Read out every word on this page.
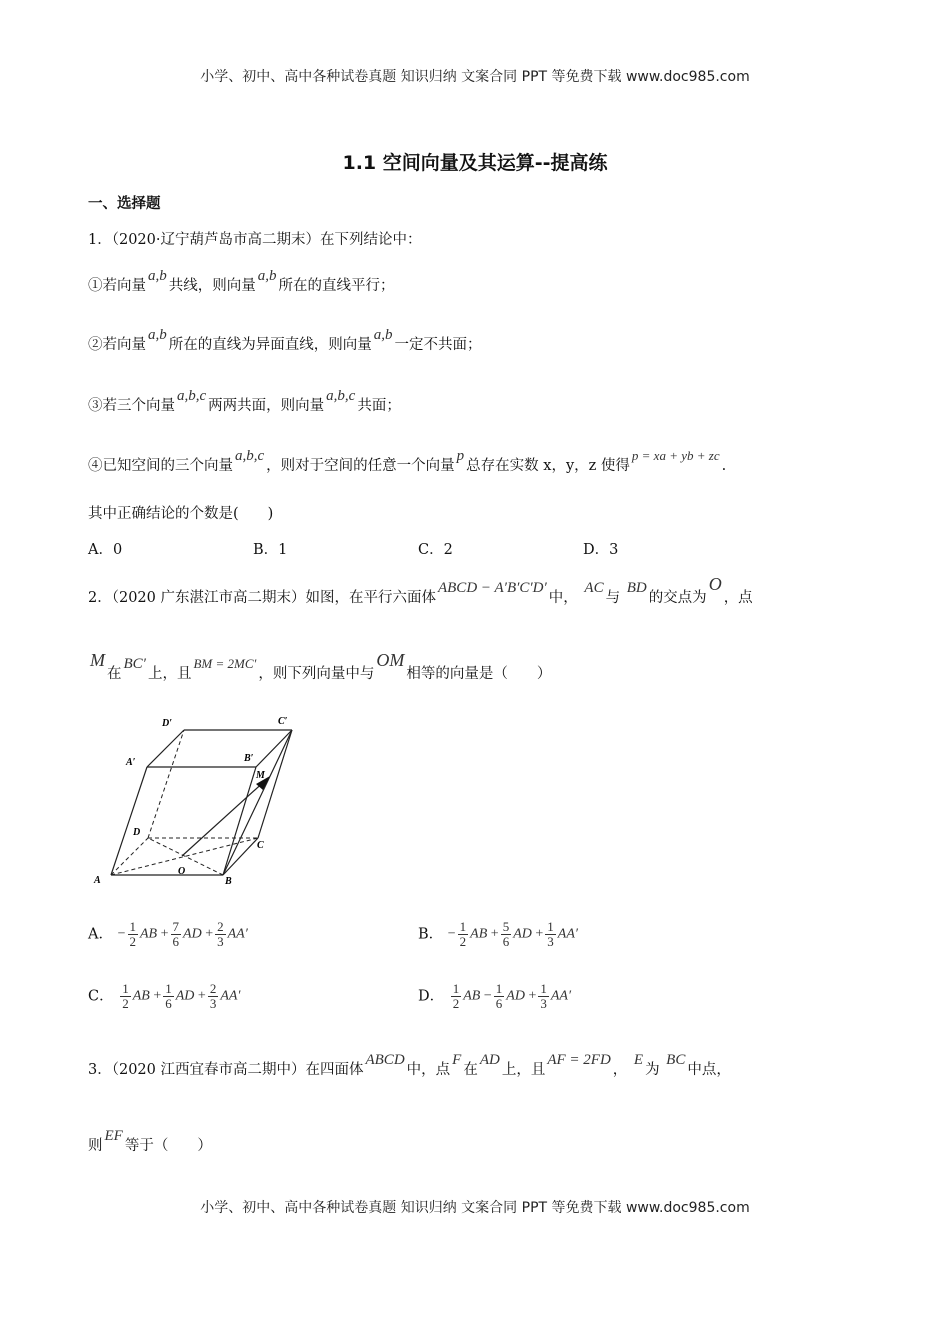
小学、初中、高中各种试卷真题 知识归纳 文案合同 PPT 等免费下载 www.doc985.com
1.1 空间向量及其运算--提高练
一、选择题
1．（2020·辽宁葫芦岛市高二期末）在下列结论中：
①若向量a,b共线，则向量a,b所在的直线平行；
②若向量a,b所在的直线为异面直线，则向量a,b一定不共面；
③若三个向量a,b,c两两共面，则向量a,b,c共面；
④已知空间的三个向量a,b,c，则对于空间的任意一个向量p总存在实数 x，y，z 使得p = xa + yb + zc.
其中正确结论的个数是(　　)
A．0	B．1	C．2	D．3
2．（2020 广东湛江市高二期末）如图，在平行六面体ABCD − A′B′C′D′中， AC与 BD的交点为O，点
M在BC′上，且BM = 2MC′，则下列向量中与OM相等的向量是（　　）
D′	C′
A′	B′
M
D
C
A
O
B
A． − $\frac{1}{2}$ AB + $\frac{7}{6}$ AD + $\frac{2}{3} AA'$	B． − $\frac{1}{2}$ AB + $\frac{5}{6}$ AD + $\frac{1}{3} AA'$
C． $\frac{1}{2}$ AB + $\frac{1}{6}$ AD + $\frac{2}{3} AA'$	D． $\frac{1}{2}$ AB − $\frac{1}{6}$ AD + $\frac{1}{3} AA'$
3．（2020 江西宜春市高二期中）在四面体ABCD中，点F在AD上，且AF = 2FD， E为 BC中点，
则EF等于（　　）
小学、初中、高中各种试卷真题 知识归纳 文案合同 PPT 等免费下载 www.doc985.com
